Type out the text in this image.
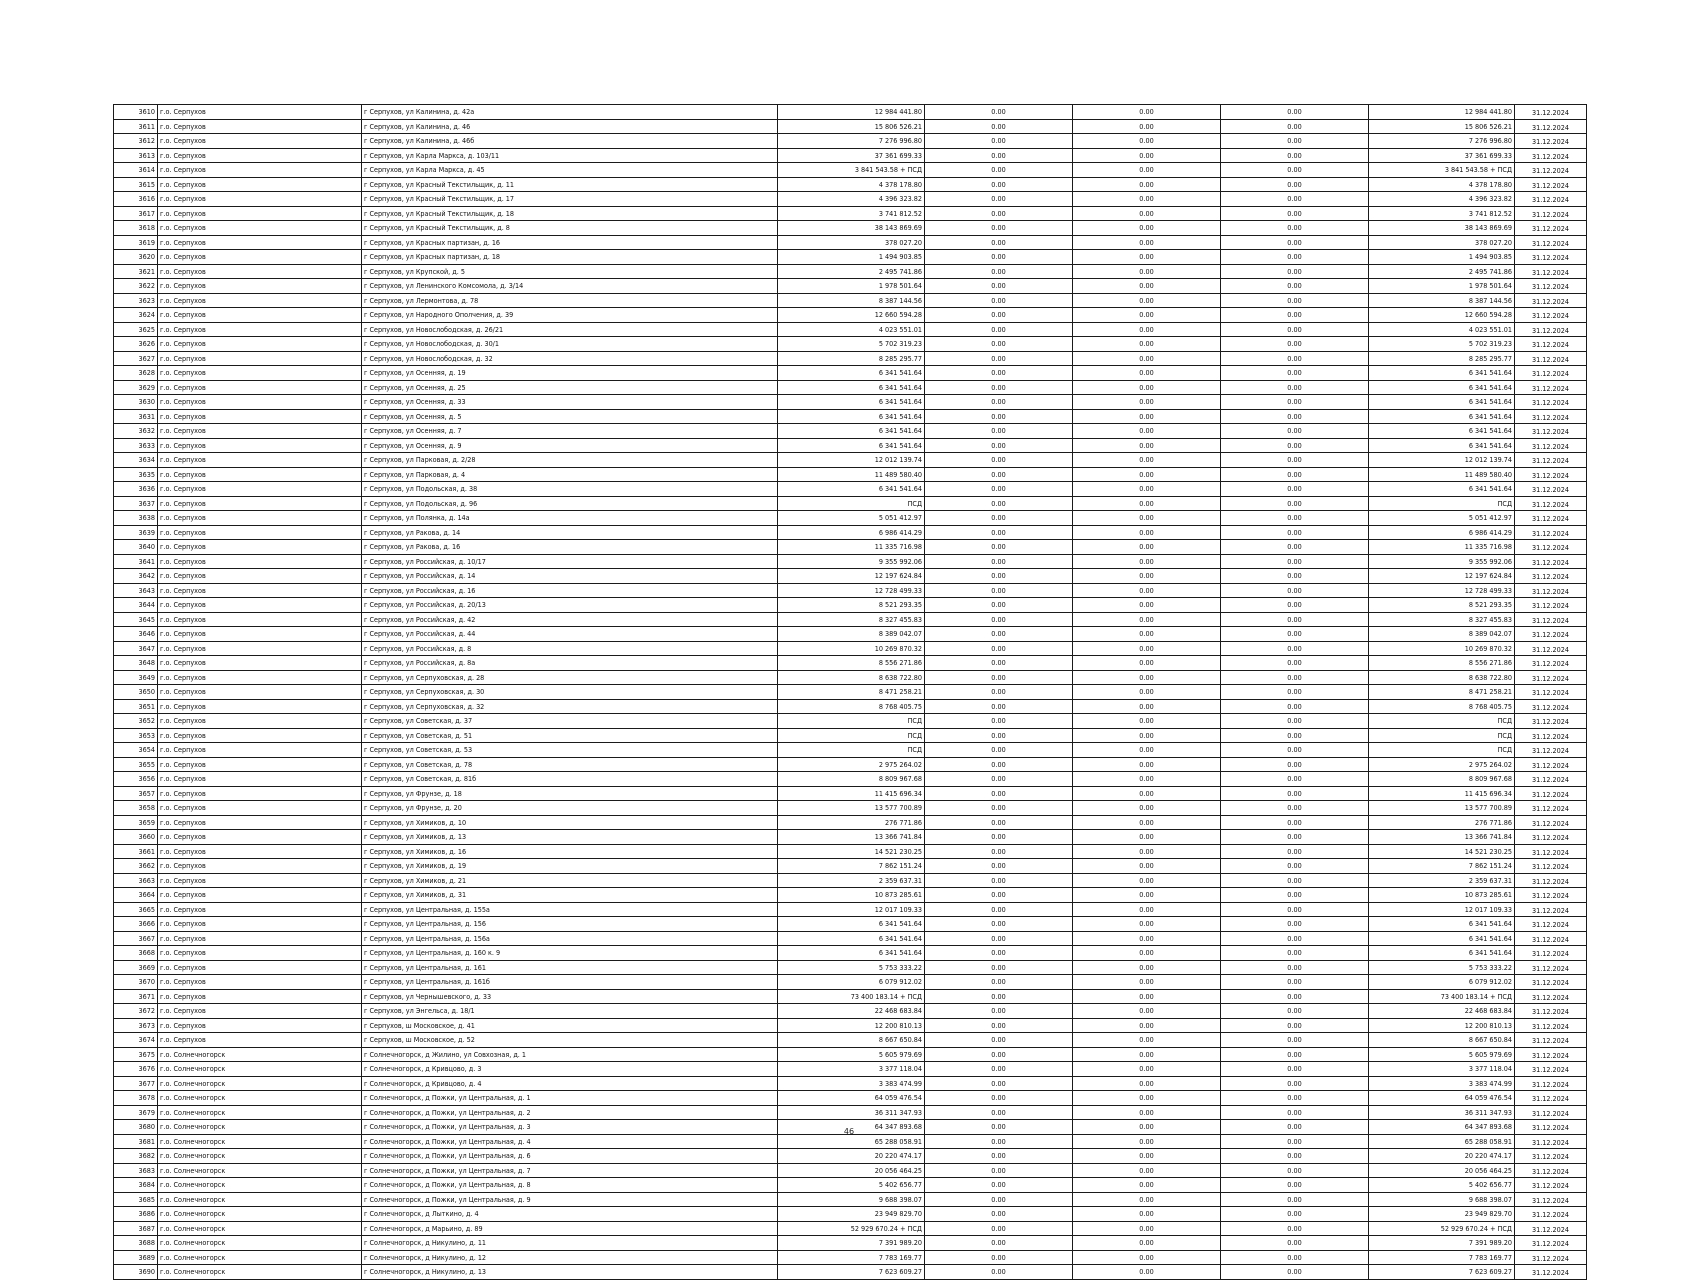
3610	г.о. Серпухов	г Серпухов, ул Калинина, д. 42а	12 984 441.80	0.00	0.00	0.00	12 984 441.80	31.12.2024
3611	г.о. Серпухов	г Серпухов, ул Калинина, д. 46	15 806 526.21	0.00	0.00	0.00	15 806 526.21	31.12.2024
3612	г.о. Серпухов	г Серпухов, ул Калинина, д. 46б	7 276 996.80	0.00	0.00	0.00	7 276 996.80	31.12.2024
3613	г.о. Серпухов	г Серпухов, ул Карла Маркса, д. 103/11	37 361 699.33	0.00	0.00	0.00	37 361 699.33	31.12.2024
3614	г.о. Серпухов	г Серпухов, ул Карла Маркса, д. 45	3 841 543.58 + ПСД	0.00	0.00	0.00	3 841 543.58 + ПСД	31.12.2024
3615	г.о. Серпухов	г Серпухов, ул Красный Текстильщик, д. 11	4 378 178.80	0.00	0.00	0.00	4 378 178.80	31.12.2024
3616	г.о. Серпухов	г Серпухов, ул Красный Текстильщик, д. 17	4 396 323.82	0.00	0.00	0.00	4 396 323.82	31.12.2024
3617	г.о. Серпухов	г Серпухов, ул Красный Текстильщик, д. 18	3 741 812.52	0.00	0.00	0.00	3 741 812.52	31.12.2024
3618	г.о. Серпухов	г Серпухов, ул Красный Текстильщик, д. 8	38 143 869.69	0.00	0.00	0.00	38 143 869.69	31.12.2024
3619	г.о. Серпухов	г Серпухов, ул Красных партизан, д. 16	378 027.20	0.00	0.00	0.00	378 027.20	31.12.2024
3620	г.о. Серпухов	г Серпухов, ул Красных партизан, д. 18	1 494 903.85	0.00	0.00	0.00	1 494 903.85	31.12.2024
3621	г.о. Серпухов	г Серпухов, ул Крупской, д. 5	2 495 741.86	0.00	0.00	0.00	2 495 741.86	31.12.2024
3622	г.о. Серпухов	г Серпухов, ул Ленинского Комсомола, д. 3/14	1 978 501.64	0.00	0.00	0.00	1 978 501.64	31.12.2024
3623	г.о. Серпухов	г Серпухов, ул Лермонтова, д. 78	8 387 144.56	0.00	0.00	0.00	8 387 144.56	31.12.2024
3624	г.о. Серпухов	г Серпухов, ул Народного Ополчения, д. 39	12 660 594.28	0.00	0.00	0.00	12 660 594.28	31.12.2024
3625	г.о. Серпухов	г Серпухов, ул Новослободская, д. 26/21	4 023 551.01	0.00	0.00	0.00	4 023 551.01	31.12.2024
3626	г.о. Серпухов	г Серпухов, ул Новослободская, д. 30/1	5 702 319.23	0.00	0.00	0.00	5 702 319.23	31.12.2024
3627	г.о. Серпухов	г Серпухов, ул Новослободская, д. 32	8 285 295.77	0.00	0.00	0.00	8 285 295.77	31.12.2024
3628	г.о. Серпухов	г Серпухов, ул Осенняя, д. 19	6 341 541.64	0.00	0.00	0.00	6 341 541.64	31.12.2024
3629	г.о. Серпухов	г Серпухов, ул Осенняя, д. 25	6 341 541.64	0.00	0.00	0.00	6 341 541.64	31.12.2024
3630	г.о. Серпухов	г Серпухов, ул Осенняя, д. 33	6 341 541.64	0.00	0.00	0.00	6 341 541.64	31.12.2024
3631	г.о. Серпухов	г Серпухов, ул Осенняя, д. 5	6 341 541.64	0.00	0.00	0.00	6 341 541.64	31.12.2024
3632	г.о. Серпухов	г Серпухов, ул Осенняя, д. 7	6 341 541.64	0.00	0.00	0.00	6 341 541.64	31.12.2024
3633	г.о. Серпухов	г Серпухов, ул Осенняя, д. 9	6 341 541.64	0.00	0.00	0.00	6 341 541.64	31.12.2024
3634	г.о. Серпухов	г Серпухов, ул Парковая, д. 2/28	12 012 139.74	0.00	0.00	0.00	12 012 139.74	31.12.2024
3635	г.о. Серпухов	г Серпухов, ул Парковая, д. 4	11 489 580.40	0.00	0.00	0.00	11 489 580.40	31.12.2024
3636	г.о. Серпухов	г Серпухов, ул Подольская, д. 38	6 341 541.64	0.00	0.00	0.00	6 341 541.64	31.12.2024
3637	г.о. Серпухов	г Серпухов, ул Подольская, д. 96	ПСД	0.00	0.00	0.00	ПСД	31.12.2024
3638	г.о. Серпухов	г Серпухов, ул Полянка, д. 14а	5 051 412.97	0.00	0.00	0.00	5 051 412.97	31.12.2024
3639	г.о. Серпухов	г Серпухов, ул Ракова, д. 14	6 986 414.29	0.00	0.00	0.00	6 986 414.29	31.12.2024
3640	г.о. Серпухов	г Серпухов, ул Ракова, д. 16	11 335 716.98	0.00	0.00	0.00	11 335 716.98	31.12.2024
3641	г.о. Серпухов	г Серпухов, ул Российская, д. 10/17	9 355 992.06	0.00	0.00	0.00	9 355 992.06	31.12.2024
3642	г.о. Серпухов	г Серпухов, ул Российская, д. 14	12 197 624.84	0.00	0.00	0.00	12 197 624.84	31.12.2024
3643	г.о. Серпухов	г Серпухов, ул Российская, д. 16	12 728 499.33	0.00	0.00	0.00	12 728 499.33	31.12.2024
3644	г.о. Серпухов	г Серпухов, ул Российская, д. 20/13	8 521 293.35	0.00	0.00	0.00	8 521 293.35	31.12.2024
3645	г.о. Серпухов	г Серпухов, ул Российская, д. 42	8 327 455.83	0.00	0.00	0.00	8 327 455.83	31.12.2024
3646	г.о. Серпухов	г Серпухов, ул Российская, д. 44	8 389 042.07	0.00	0.00	0.00	8 389 042.07	31.12.2024
3647	г.о. Серпухов	г Серпухов, ул Российская, д. 8	10 269 870.32	0.00	0.00	0.00	10 269 870.32	31.12.2024
3648	г.о. Серпухов	г Серпухов, ул Российская, д. 8а	8 556 271.86	0.00	0.00	0.00	8 556 271.86	31.12.2024
3649	г.о. Серпухов	г Серпухов, ул Серпуховская, д. 28	8 638 722.80	0.00	0.00	0.00	8 638 722.80	31.12.2024
3650	г.о. Серпухов	г Серпухов, ул Серпуховская, д. 30	8 471 258.21	0.00	0.00	0.00	8 471 258.21	31.12.2024
3651	г.о. Серпухов	г Серпухов, ул Серпуховская, д. 32	8 768 405.75	0.00	0.00	0.00	8 768 405.75	31.12.2024
3652	г.о. Серпухов	г Серпухов, ул Советская, д. 37	ПСД	0.00	0.00	0.00	ПСД	31.12.2024
3653	г.о. Серпухов	г Серпухов, ул Советская, д. 51	ПСД	0.00	0.00	0.00	ПСД	31.12.2024
3654	г.о. Серпухов	г Серпухов, ул Советская, д. 53	ПСД	0.00	0.00	0.00	ПСД	31.12.2024
3655	г.о. Серпухов	г Серпухов, ул Советская, д. 78	2 975 264.02	0.00	0.00	0.00	2 975 264.02	31.12.2024
3656	г.о. Серпухов	г Серпухов, ул Советская, д. 81б	8 809 967.68	0.00	0.00	0.00	8 809 967.68	31.12.2024
3657	г.о. Серпухов	г Серпухов, ул Фрунзе, д. 18	11 415 696.34	0.00	0.00	0.00	11 415 696.34	31.12.2024
3658	г.о. Серпухов	г Серпухов, ул Фрунзе, д. 20	13 577 700.89	0.00	0.00	0.00	13 577 700.89	31.12.2024
3659	г.о. Серпухов	г Серпухов, ул Химиков, д. 10	276 771.86	0.00	0.00	0.00	276 771.86	31.12.2024
3660	г.о. Серпухов	г Серпухов, ул Химиков, д. 13	13 366 741.84	0.00	0.00	0.00	13 366 741.84	31.12.2024
3661	г.о. Серпухов	г Серпухов, ул Химиков, д. 16	14 521 230.25	0.00	0.00	0.00	14 521 230.25	31.12.2024
3662	г.о. Серпухов	г Серпухов, ул Химиков, д. 19	7 862 151.24	0.00	0.00	0.00	7 862 151.24	31.12.2024
3663	г.о. Серпухов	г Серпухов, ул Химиков, д. 21	2 359 637.31	0.00	0.00	0.00	2 359 637.31	31.12.2024
3664	г.о. Серпухов	г Серпухов, ул Химиков, д. 31	10 873 285.61	0.00	0.00	0.00	10 873 285.61	31.12.2024
3665	г.о. Серпухов	г Серпухов, ул Центральная, д. 155а	12 017 109.33	0.00	0.00	0.00	12 017 109.33	31.12.2024
3666	г.о. Серпухов	г Серпухов, ул Центральная, д. 156	6 341 541.64	0.00	0.00	0.00	6 341 541.64	31.12.2024
3667	г.о. Серпухов	г Серпухов, ул Центральная, д. 156а	6 341 541.64	0.00	0.00	0.00	6 341 541.64	31.12.2024
3668	г.о. Серпухов	г Серпухов, ул Центральная, д. 160 к. 9	6 341 541.64	0.00	0.00	0.00	6 341 541.64	31.12.2024
3669	г.о. Серпухов	г Серпухов, ул Центральная, д. 161	5 753 333.22	0.00	0.00	0.00	5 753 333.22	31.12.2024
3670	г.о. Серпухов	г Серпухов, ул Центральная, д. 161б	6 079 912.02	0.00	0.00	0.00	6 079 912.02	31.12.2024
3671	г.о. Серпухов	г Серпухов, ул Чернышевского, д. 33	73 400 183.14 + ПСД	0.00	0.00	0.00	73 400 183.14 + ПСД	31.12.2024
3672	г.о. Серпухов	г Серпухов, ул Энгельса, д. 18/1	22 468 683.84	0.00	0.00	0.00	22 468 683.84	31.12.2024
3673	г.о. Серпухов	г Серпухов, ш Московское, д. 41	12 200 810.13	0.00	0.00	0.00	12 200 810.13	31.12.2024
3674	г.о. Серпухов	г Серпухов, ш Московское, д. 52	8 667 650.84	0.00	0.00	0.00	8 667 650.84	31.12.2024
3675	г.о. Солнечногорск	г Солнечногорск, д Жилино, ул Совхозная, д. 1	5 605 979.69	0.00	0.00	0.00	5 605 979.69	31.12.2024
3676	г.о. Солнечногорск	г Солнечногорск, д Кривцово, д. 3	3 377 118.04	0.00	0.00	0.00	3 377 118.04	31.12.2024
3677	г.о. Солнечногорск	г Солнечногорск, д Кривцово, д. 4	3 383 474.99	0.00	0.00	0.00	3 383 474.99	31.12.2024
3678	г.о. Солнечногорск	г Солнечногорск, д Пожки, ул Центральная, д. 1	64 059 476.54	0.00	0.00	0.00	64 059 476.54	31.12.2024
3679	г.о. Солнечногорск	г Солнечногорск, д Пожки, ул Центральная, д. 2	36 311 347.93	0.00	0.00	0.00	36 311 347.93	31.12.2024
3680	г.о. Солнечногорск	г Солнечногорск, д Пожки, ул Центральная, д. 3	64 347 893.68	0.00	0.00	0.00	64 347 893.68	31.12.2024
3681	г.о. Солнечногорск	г Солнечногорск, д Пожки, ул Центральная, д. 4	65 288 058.91	0.00	0.00	0.00	65 288 058.91	31.12.2024
3682	г.о. Солнечногорск	г Солнечногорск, д Пожки, ул Центральная, д. 6	20 220 474.17	0.00	0.00	0.00	20 220 474.17	31.12.2024
3683	г.о. Солнечногорск	г Солнечногорск, д Пожки, ул Центральная, д. 7	20 056 464.25	0.00	0.00	0.00	20 056 464.25	31.12.2024
3684	г.о. Солнечногорск	г Солнечногорск, д Пожки, ул Центральная, д. 8	5 402 656.77	0.00	0.00	0.00	5 402 656.77	31.12.2024
3685	г.о. Солнечногорск	г Солнечногорск, д Пожки, ул Центральная, д. 9	9 688 398.07	0.00	0.00	0.00	9 688 398.07	31.12.2024
3686	г.о. Солнечногорск	г Солнечногорск, д Лыткино, д. 4	23 949 829.70	0.00	0.00	0.00	23 949 829.70	31.12.2024
3687	г.о. Солнечногорск	г Солнечногорск, д Марьино, д. 89	52 929 670.24 + ПСД	0.00	0.00	0.00	52 929 670.24 + ПСД	31.12.2024
3688	г.о. Солнечногорск	г Солнечногорск, д Никулино, д. 11	7 391 989.20	0.00	0.00	0.00	7 391 989.20	31.12.2024
3689	г.о. Солнечногорск	г Солнечногорск, д Никулино, д. 12	7 783 169.77	0.00	0.00	0.00	7 783 169.77	31.12.2024
3690	г.о. Солнечногорск	г Солнечногорск, д Никулино, д. 13	7 623 609.27	0.00	0.00	0.00	7 623 609.27	31.12.2024
46
